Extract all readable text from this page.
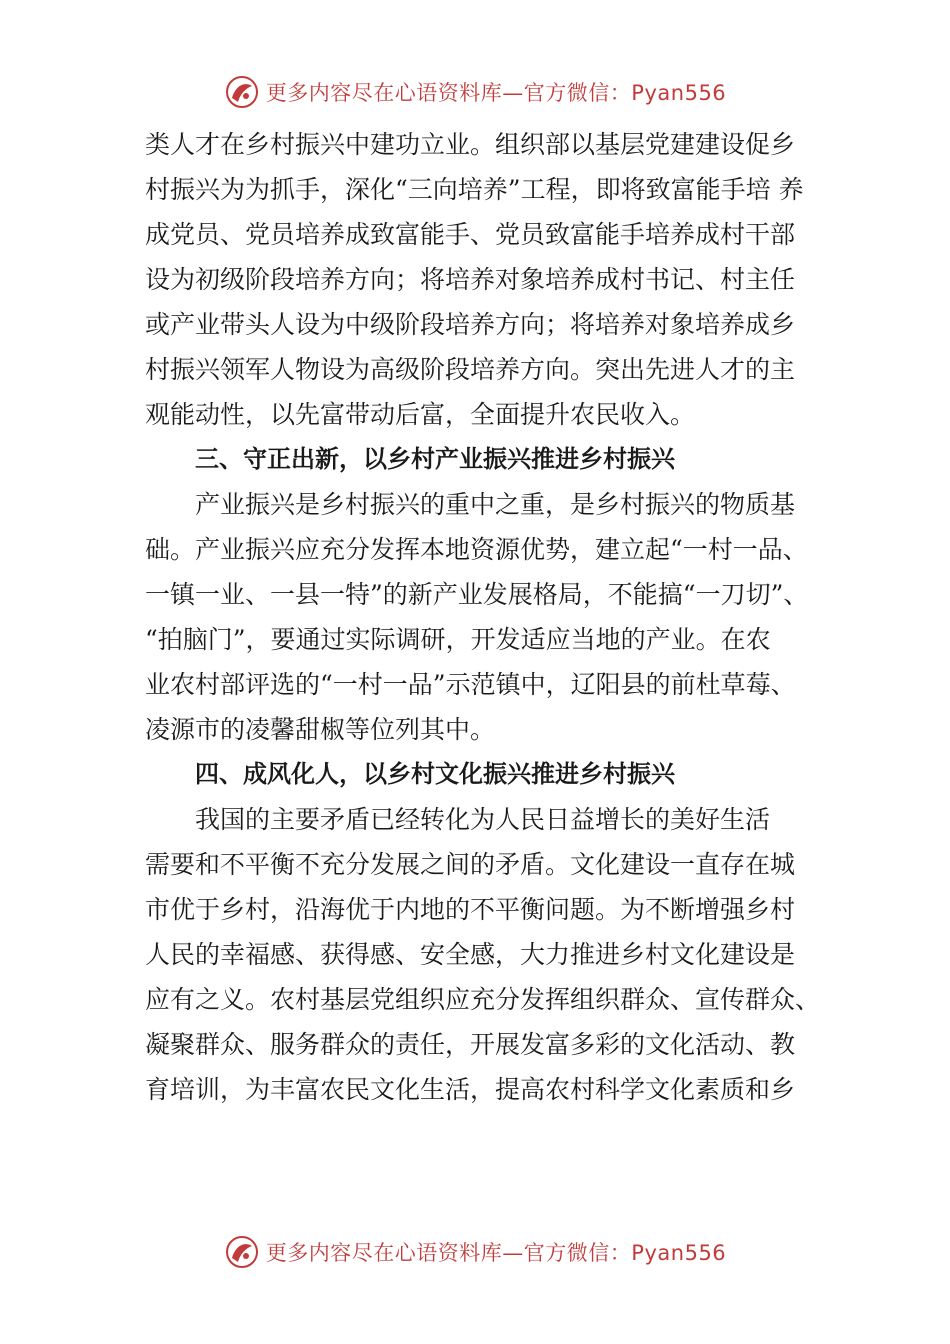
更多内容尽在心语资料库—官方微信：Pyan556
类人才在乡村振兴中建功立业。组织部以基层党建建设促乡
村振兴为为抓手，深化“三向培养”工程，即将致富能手培 养
成党员、党员培养成致富能手、党员致富能手培养成村干部
设为初级阶段培养方向；将培养对象培养成村书记、村主任
或产业带头人设为中级阶段培养方向；将培养对象培养成乡
村振兴领军人物设为高级阶段培养方向。突出先进人才的主
观能动性，以先富带动后富，全面提升农民收入。
三、守正出新，以乡村产业振兴推进乡村振兴
产业振兴是乡村振兴的重中之重，是乡村振兴的物质基
础。产业振兴应充分发挥本地资源优势，建立起“一村一品、
一镇一业、一县一特”的新产业发展格局，不能搞“一刀切”、
“拍脑门”，要通过实际调研，开发适应当地的产业。在农
业农村部评选的“一村一品”示范镇中，辽阳县的前杜草莓、
凌源市的凌馨甜椒等位列其中。
四、成风化人，以乡村文化振兴推进乡村振兴
我国的主要矛盾已经转化为人民日益增长的美好生活
需要和不平衡不充分发展之间的矛盾。文化建设一直存在城
市优于乡村，沿海优于内地的不平衡问题。为不断增强乡村
人民的幸福感、获得感、安全感，大力推进乡村文化建设是
应有之义。农村基层党组织应充分发挥组织群众、宣传群众、
凝聚群众、服务群众的责任，开展发富多彩的文化活动、教
育培训，为丰富农民文化生活，提高农村科学文化素质和乡
更多内容尽在心语资料库—官方微信：Pyan556
